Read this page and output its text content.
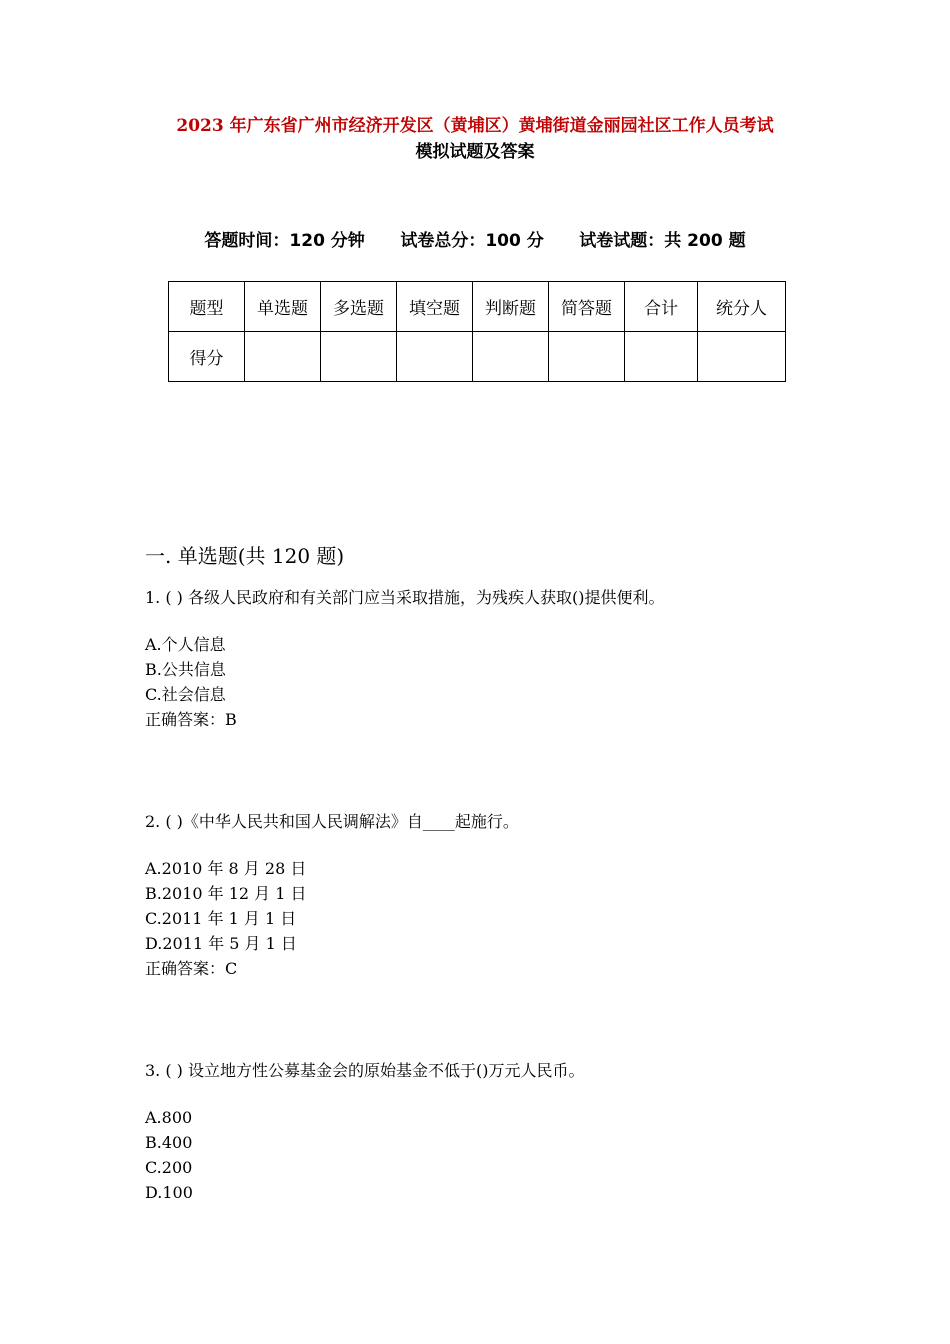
2023 年广东省广州市经济开发区（黄埔区）黄埔街道金丽园社区工作人员考试
模拟试题及答案
答题时间：120 分钟 试卷总分：100 分 试卷试题：共 200 题
题型	单选题	多选题	填空题	判断题	简答题	合计	统分人
得分							
一. 单选题(共 120 题)
1. ( ) 各级人民政府和有关部门应当采取措施，为残疾人获取()提供便利。
A.个人信息
B.公共信息
C.社会信息
正确答案：B
2. ( )《中华人民共和国人民调解法》自____起施行。
A.2010 年 8 月 28 日
B.2010 年 12 月 1 日
C.2011 年 1 月 1 日
D.2011 年 5 月 1 日
正确答案：C
3. ( ) 设立地方性公募基金会的原始基金不低于()万元人民币。
A.800
B.400
C.200
D.100
